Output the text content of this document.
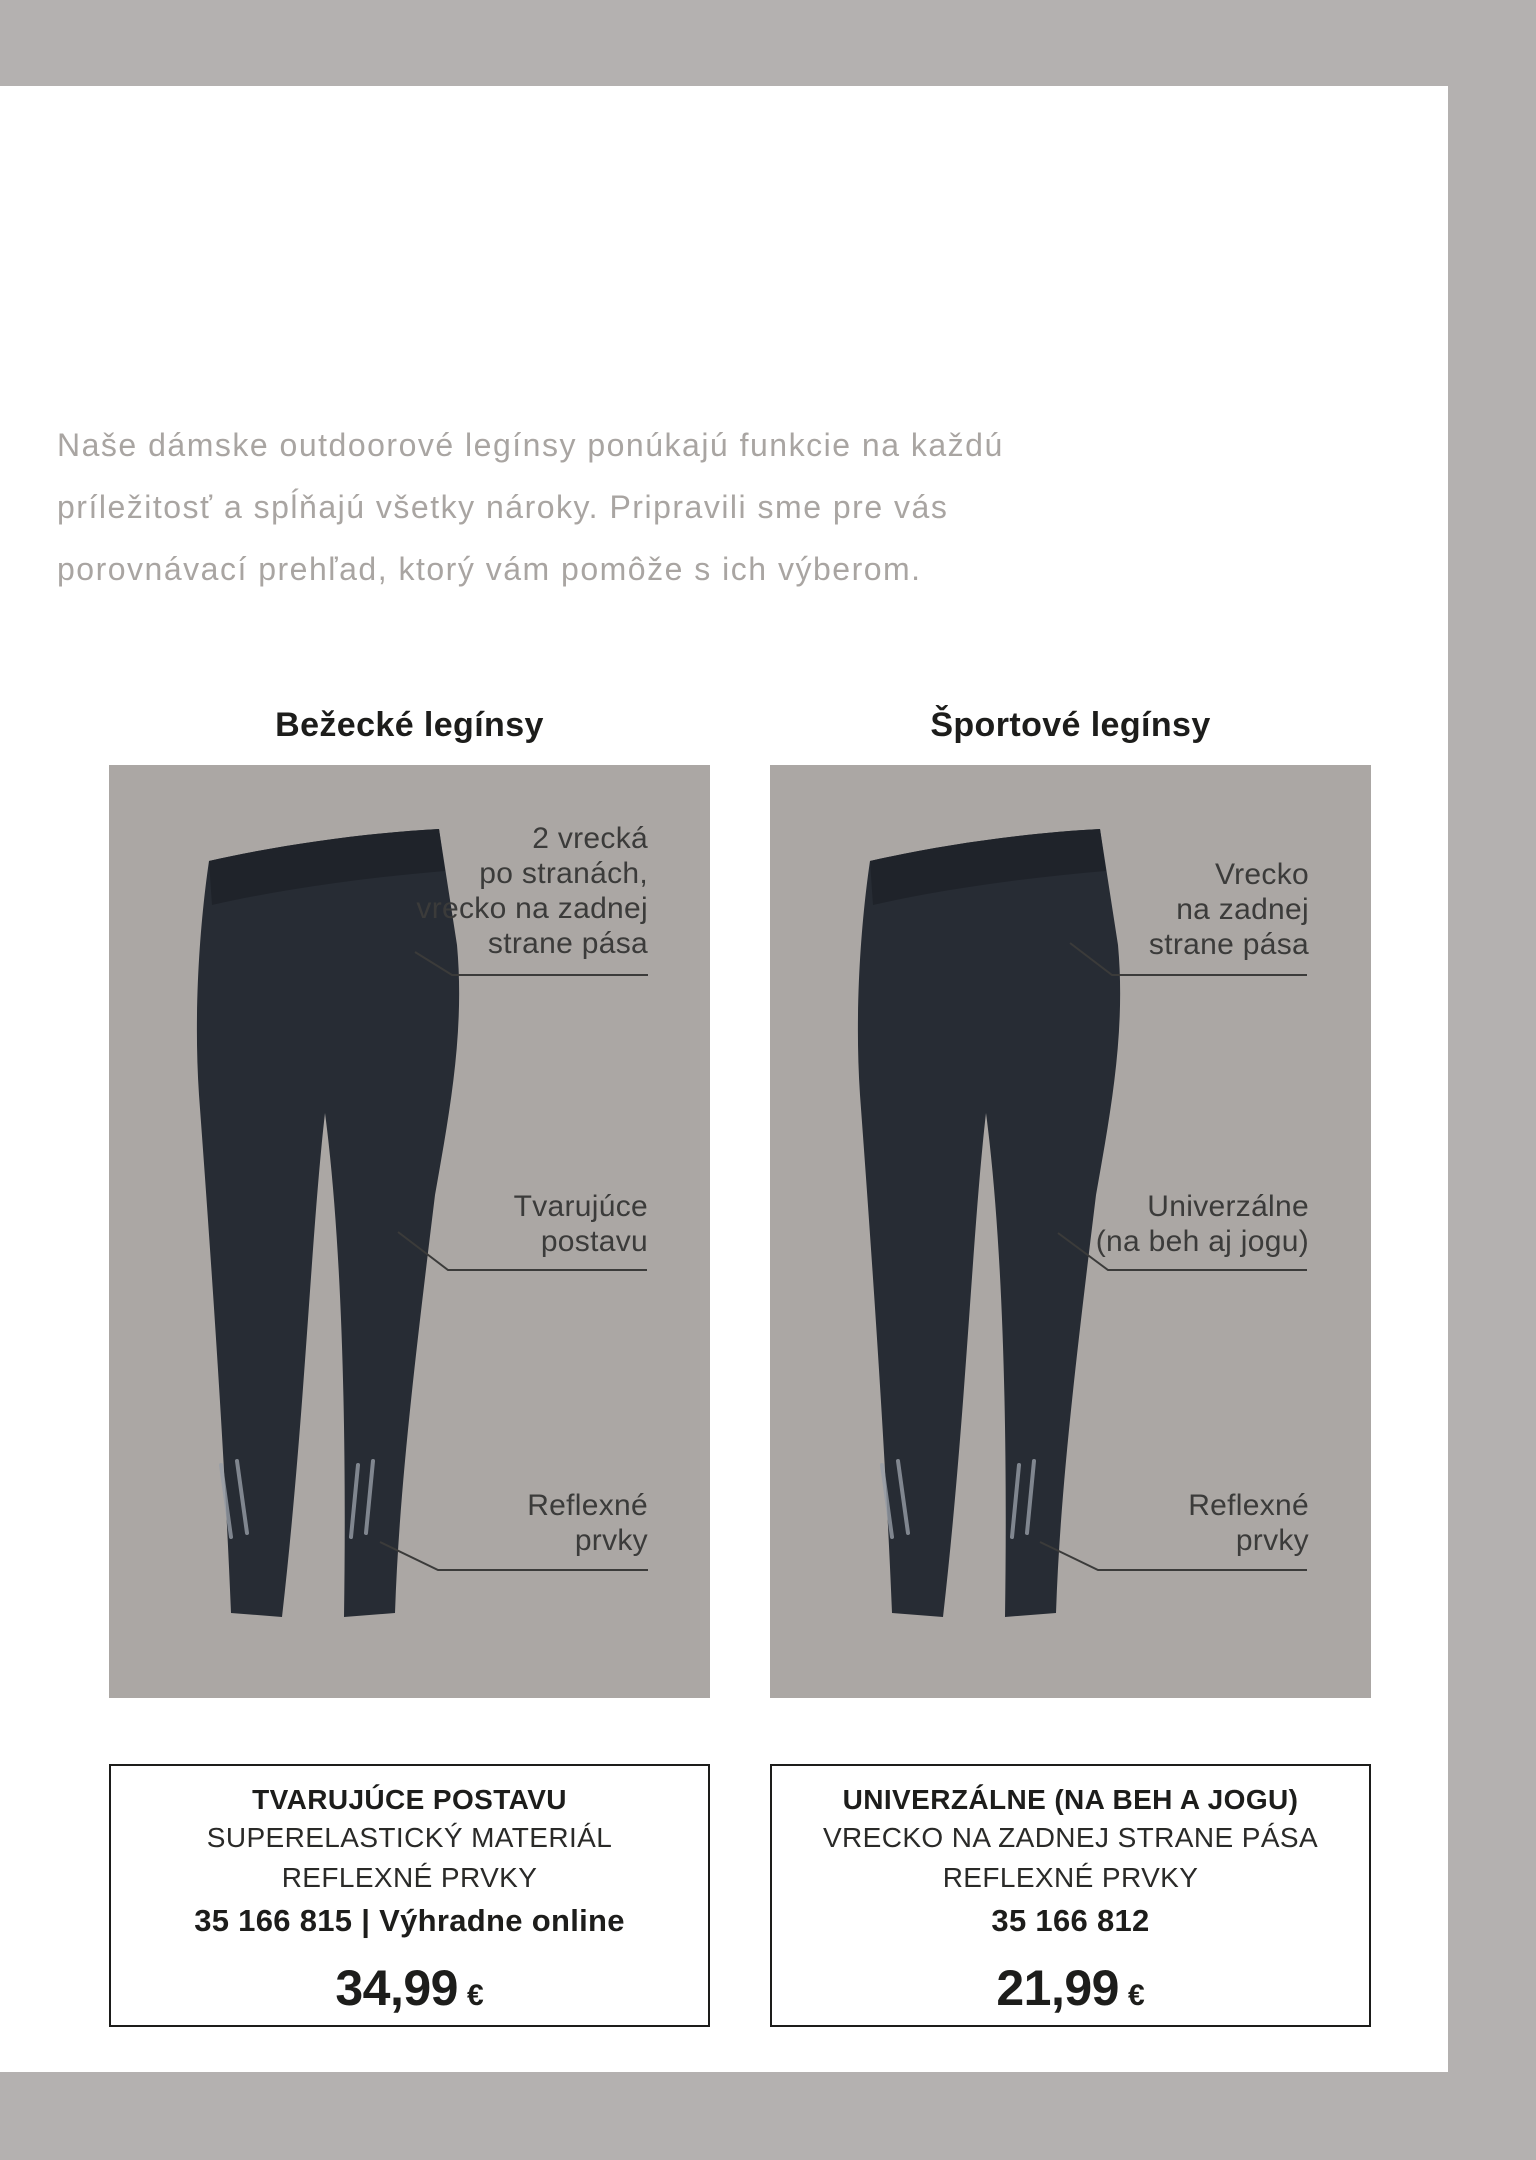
Naše dámske outdoorové legínsy ponúkajú funkcie na každú
príležitosť a spĺňajú všetky nároky. Pripravili sme pre vás
porovnávací prehľad, ktorý vám pomôže s ich výberom.
Bežecké legínsy	Športové legínsy
2 vrecká
po stranách,
vrecko na zadnej
strane pása
Tvarujúce
postavu
Reflexné
prvky
Vrecko
na zadnej
strane pása
Univerzálne
(na beh aj jogu)
Reflexné
prvky
TVARUJÚCE POSTAVU
SUPERELASTICKÝ MATERIÁL
REFLEXNÉ PRVKY
35 166 815 | Výhradne online
34,99 €
UNIVERZÁLNE (NA BEH A JOGU)
VRECKO NA ZADNEJ STRANE PÁSA
REFLEXNÉ PRVKY
35 166 812
21,99 €
